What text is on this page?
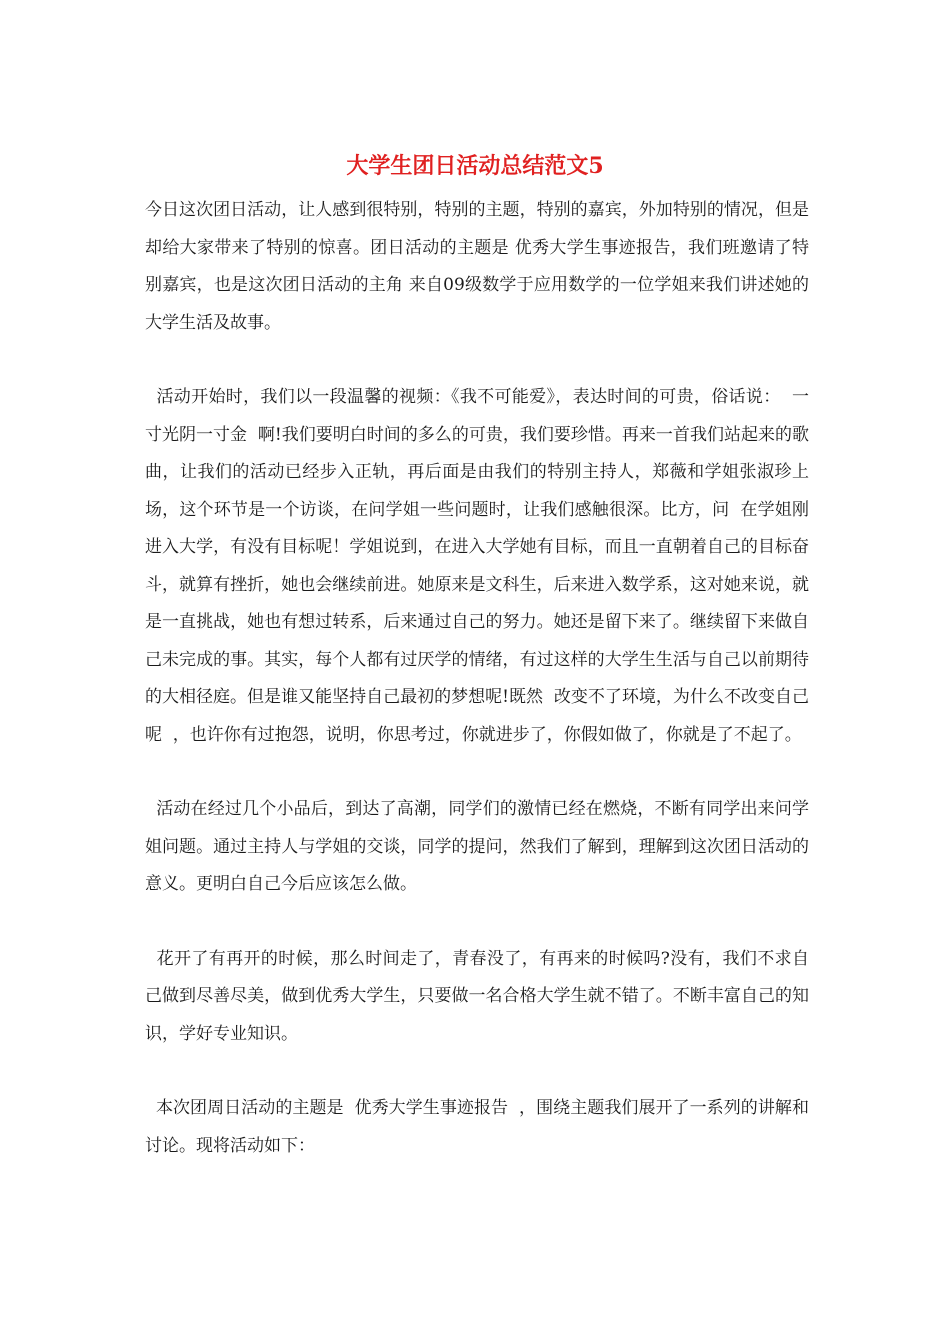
大学生团日活动总结范文5

今日这次团日活动，让人感到很特别，特别的主题，特别的嘉宾，外加特别的情况，但是却给大家带来了特别的惊喜。团日活动的主题是 优秀大学生事迹报告，我们班邀请了特别嘉宾，也是这次团日活动的主角 来自09级数学于应用数学的一位学姐来我们讲述她的大学生活及故事。

活动开始时，我们以一段温馨的视频：《我不可能爱》，表达时间的可贵，俗话说：  一寸光阴一寸金  啊!我们要明白时间的多么的可贵，我们要珍惜。再来一首我们站起来的歌曲，让我们的活动已经步入正轨，再后面是由我们的特别主持人，郑薇和学姐张淑珍上场，这个环节是一个访谈，在问学姐一些问题时，让我们感触很深。比方，问  在学姐刚进入大学，有没有目标呢！学姐说到，在进入大学她有目标，而且一直朝着自己的目标奋斗，就算有挫折，她也会继续前进。她原来是文科生，后来进入数学系，这对她来说，就是一直挑战，她也有想过转系，后来通过自己的努力。她还是留下来了。继续留下来做自己未完成的事。其实，每个人都有过厌学的情绪，有过这样的大学生生活与自己以前期待的大相径庭。但是谁又能坚持自己最初的梦想呢!既然  改变不了环境，为什么不改变自己呢  ，也许你有过抱怨，说明，你思考过，你就进步了，你假如做了，你就是了不起了。

活动在经过几个小品后，到达了高潮，同学们的激情已经在燃烧，不断有同学出来问学姐问题。通过主持人与学姐的交谈，同学的提问，然我们了解到，理解到这次团日活动的意义。更明白自己今后应该怎么做。

花开了有再开的时候，那么时间走了，青春没了，有再来的时候吗?没有，我们不求自己做到尽善尽美，做到优秀大学生，只要做一名合格大学生就不错了。不断丰富自己的知识，学好专业知识。

本次团周日活动的主题是  优秀大学生事迹报告  ，围绕主题我们展开了一系列的讲解和讨论。现将活动如下：
